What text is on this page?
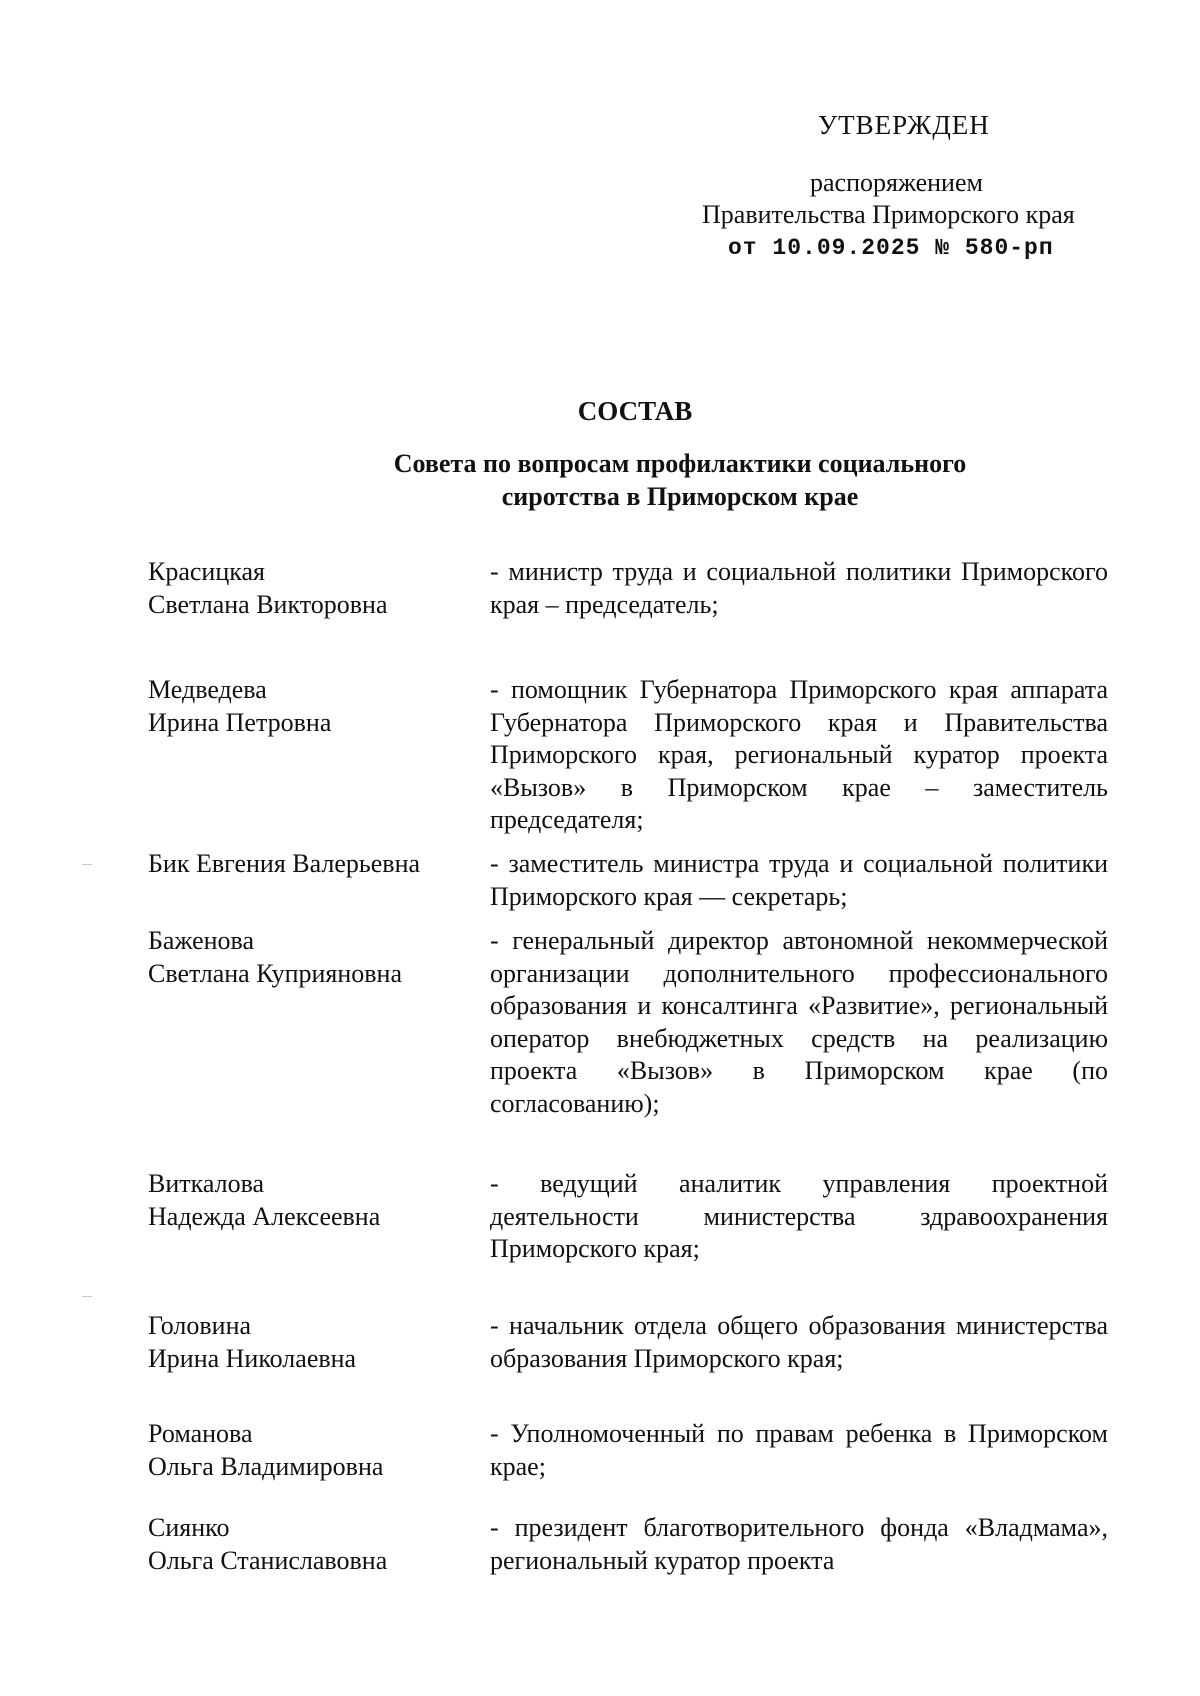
УТВЕРЖДЕН
распоряжением
Правительства Приморского края
от 10.09.2025 № 580-рп
СОСТАВ
Совета по вопросам профилактики социального
сиротства в Приморском крае
Красицкая
Светлана Викторовна
- министр труда и социальной политики Приморского края – председатель;
Медведева
Ирина Петровна
- помощник Губернатора Приморского края аппарата Губернатора Приморского края и Правительства Приморского края, региональный куратор проекта «Вызов» в Приморском крае – заместитель председателя;
Бик Евгения Валерьевна	- заместитель министра труда и социальной политики Приморского края — секретарь;
Баженова
Светлана Куприяновна
- генеральный директор автономной некоммерческой организации дополнительного профессионального образования и консалтинга «Развитие», региональный оператор внебюджетных средств на реализацию проекта «Вызов» в Приморском крае (по согласованию);
Виткалова
Надежда Алексеевна
- ведущий аналитик управления проектной деятельности министерства здравоохранения Приморского края;
Головина
Ирина Николаевна
- начальник отдела общего образования министерства образования Приморского края;
Романова
Ольга Владимировна
- Уполномоченный по правам ребенка в Приморском крае;
Сиянко
Ольга Станиславовна
- президент благотворительного фонда «Владмама», региональный куратор проекта
